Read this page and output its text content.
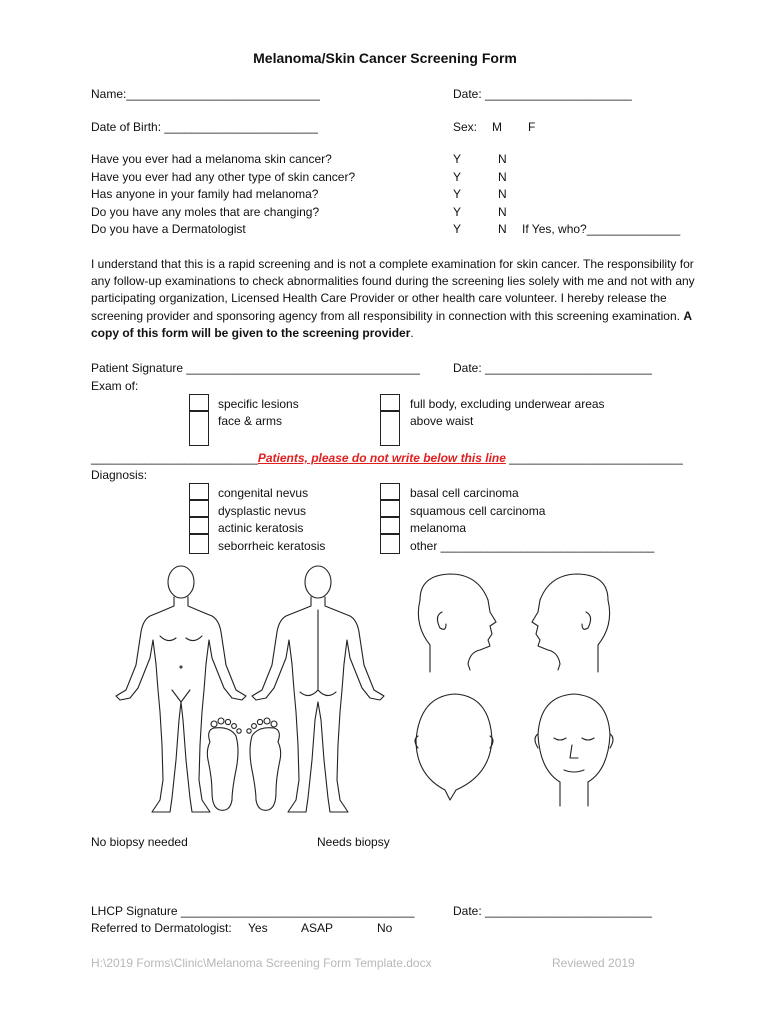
Melanoma/Skin Cancer Screening Form
Name:_____________________________	Date: ______________________
Date of Birth: _______________________	Sex: M F
Have you ever had a melanoma skin cancer?	Y	N
Have you ever had any other type of skin cancer?	Y	N
Has anyone in your family had melanoma?	Y	N
Do you have any moles that are changing?	Y	N
Do you have a Dermatologist	Y	N If Yes, who?______________
I understand that this is a rapid screening and is not a complete examination for skin cancer. The responsibility for any follow-up examinations to check abnormalities found during the screening lies solely with me and not with any participating organization, Licensed Health Care Provider or other health care volunteer. I hereby release the screening provider and sponsoring agency from all responsibility in connection with this screening examination. A copy of this form will be given to the screening provider.
Patient Signature ___________________________________	Date: _________________________
Exam of:
specific lesions
face & arms
full body, excluding underwear areas
above waist
_________________________Patients, please do not write below this line __________________________
Diagnosis:
congenital nevus
dysplastic nevus
actinic keratosis
seborrheic keratosis
basal cell carcinoma
squamous cell carcinoma
melanoma
other ________________________________
No biopsy needed	Needs biopsy
LHCP Signature ___________________________________	Date: _________________________
Referred to Dermatologist: Yes	ASAP	No
H:\2019 Forms\Clinic\Melanoma Screening Form Template.docx	Reviewed 2019
